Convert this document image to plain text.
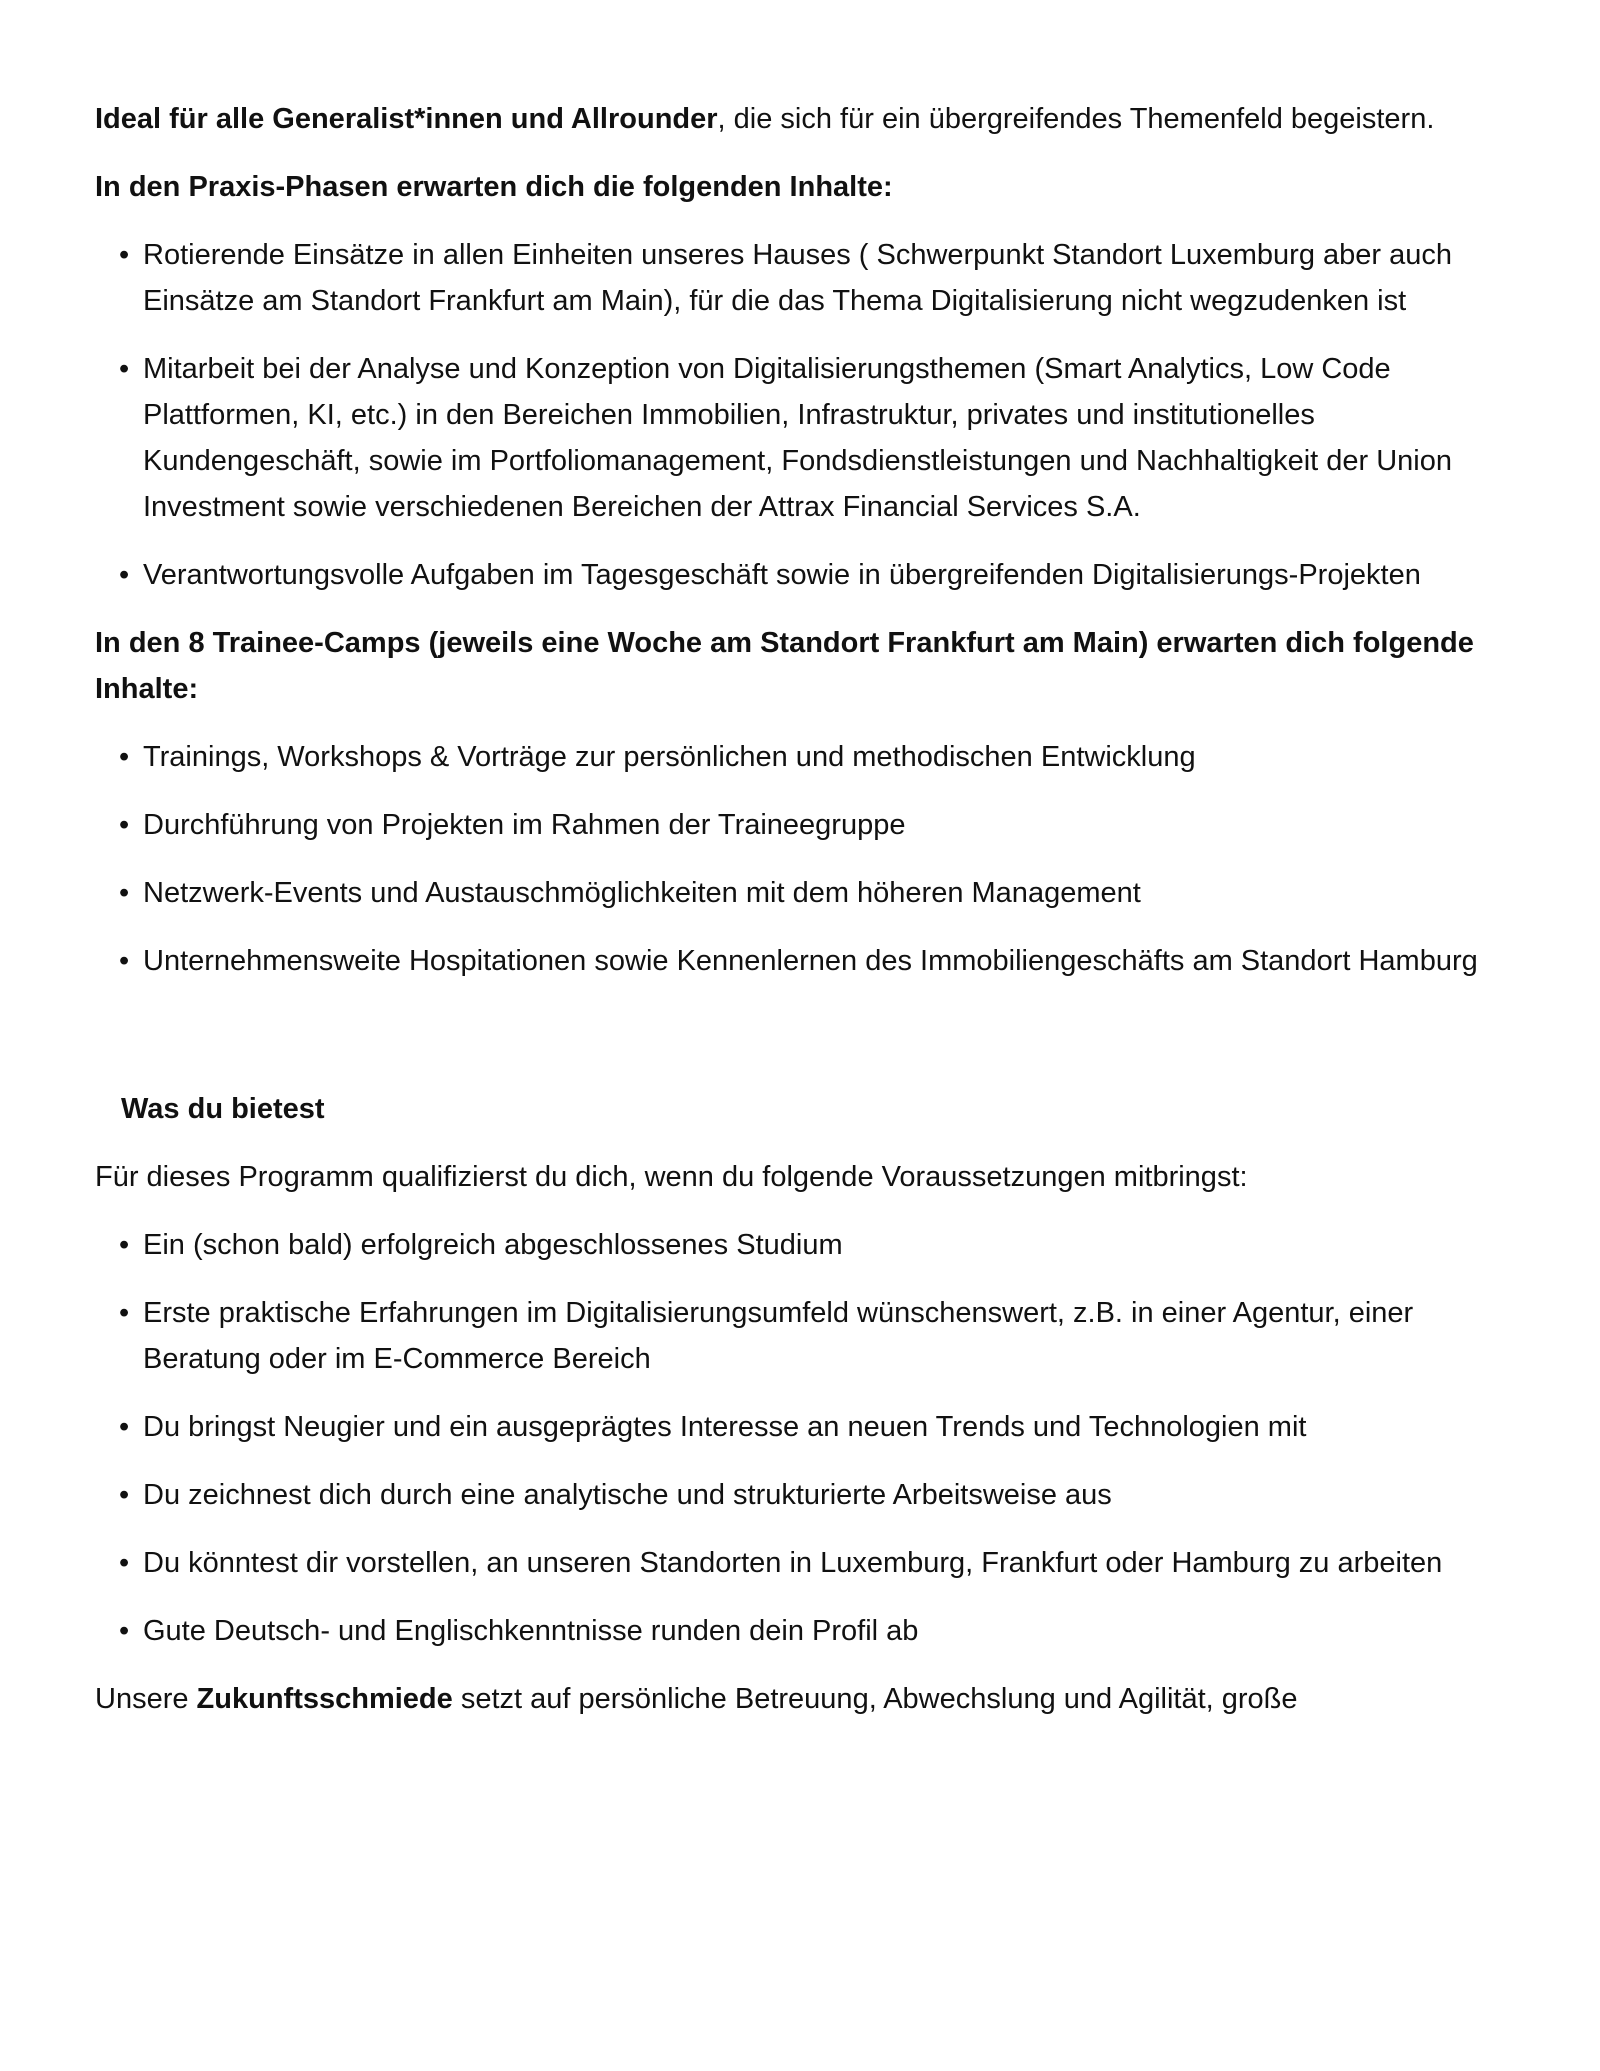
Ideal für alle Generalist*innen und Allrounder, die sich für ein übergreifendes Themenfeld begeistern.

In den Praxis-Phasen erwarten dich die folgenden Inhalte:

• Rotierende Einsätze in allen Einheiten unseres Hauses ( Schwerpunkt Standort Luxemburg aber auch Einsätze am Standort Frankfurt am Main), für die das Thema Digitalisierung nicht wegzudenken ist
• Mitarbeit bei der Analyse und Konzeption von Digitalisierungsthemen (Smart Analytics, Low Code Plattformen, KI, etc.) in den Bereichen Immobilien, Infrastruktur, privates und institutionelles Kundengeschäft, sowie im Portfoliomanagement, Fondsdienstleistungen und Nachhaltigkeit der Union Investment sowie verschiedenen Bereichen der Attrax Financial Services S.A.
• Verantwortungsvolle Aufgaben im Tagesgeschäft sowie in übergreifenden Digitalisierungs-Projekten

In den 8 Trainee-Camps (jeweils eine Woche am Standort Frankfurt am Main) erwarten dich folgende Inhalte:

• Trainings, Workshops & Vorträge zur persönlichen und methodischen Entwicklung
• Durchführung von Projekten im Rahmen der Traineegruppe
• Netzwerk-Events und Austauschmöglichkeiten mit dem höheren Management
• Unternehmensweite Hospitationen sowie Kennenlernen des Immobiliengeschäfts am Standort Hamburg

Was du bietest

Für dieses Programm qualifizierst du dich, wenn du folgende Voraussetzungen mitbringst:

• Ein (schon bald) erfolgreich abgeschlossenes Studium
• Erste praktische Erfahrungen im Digitalisierungsumfeld wünschenswert, z.B. in einer Agentur, einer Beratung oder im E-Commerce Bereich
• Du bringst Neugier und ein ausgeprägtes Interesse an neuen Trends und Technologien mit
• Du zeichnest dich durch eine analytische und strukturierte Arbeitsweise aus
• Du könntest dir vorstellen, an unseren Standorten in Luxemburg, Frankfurt oder Hamburg zu arbeiten
• Gute Deutsch- und Englischkenntnisse runden dein Profil ab

Unsere Zukunftsschmiede setzt auf persönliche Betreuung, Abwechslung und Agilität, große
